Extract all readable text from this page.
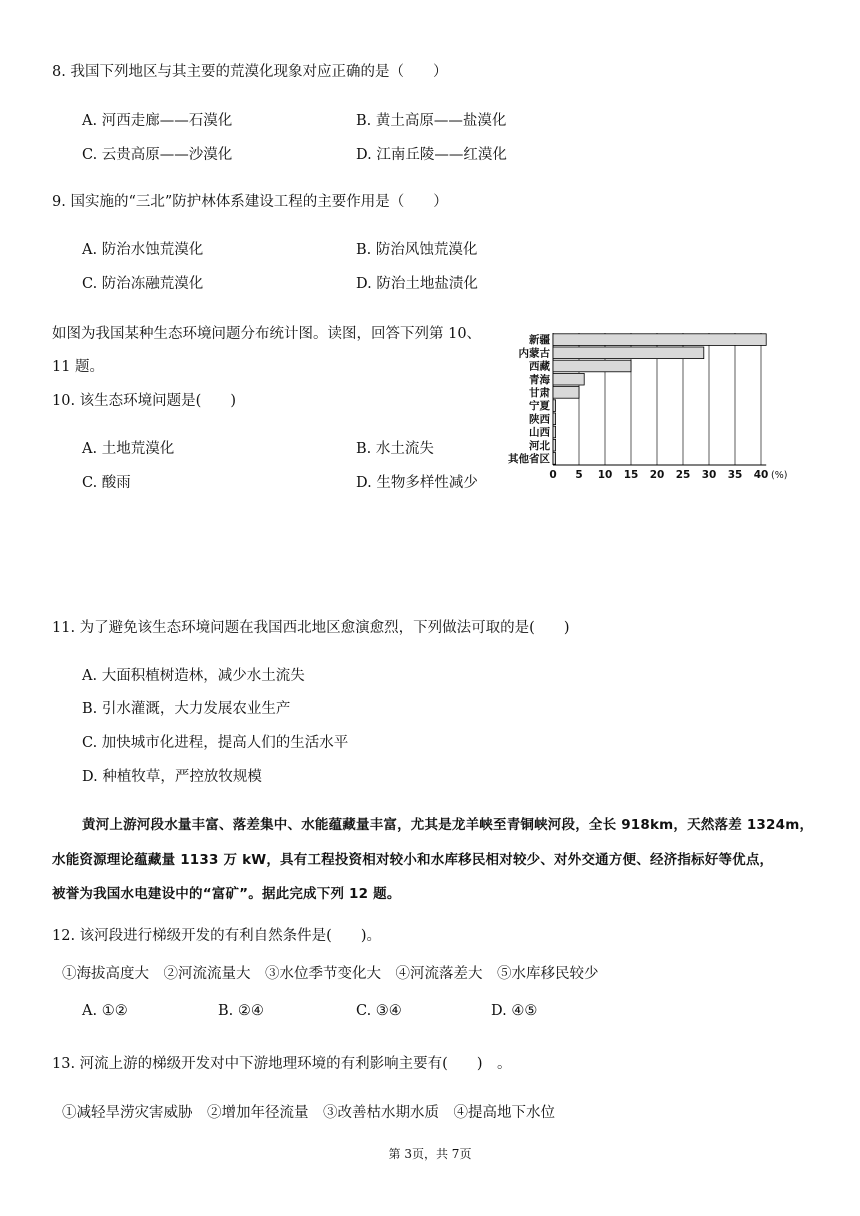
8. 我国下列地区与其主要的荒漠化现象对应正确的是（　　）
A. 河西走廊——石漠化	B. 黄土高原——盐漠化
C. 云贵高原——沙漠化	D. 江南丘陵——红漠化
9. 国实施的“三北”防护林体系建设工程的主要作用是（　　）
A. 防治水蚀荒漠化	B. 防治风蚀荒漠化
C. 防治冻融荒漠化	D. 防治土地盐渍化
如图为我国某种生态环境问题分布统计图。读图，回答下列第 10、
11 题。
10. 该生态环境问题是(　　)
A. 土地荒漠化	B. 水土流失
C. 酸雨	D. 生物多样性减少
新疆
内蒙古
西藏
青海
甘肃
宁夏
陕西
山西
河北
其他省区
0 5 10 15 20 25 30 35 40 (%)
11. 为了避免该生态环境问题在我国西北地区愈演愈烈，下列做法可取的是(　　)
A. 大面积植树造林，减少水土流失
B. 引水灌溉，大力发展农业生产
C. 加快城市化进程，提高人们的生活水平
D. 种植牧草，严控放牧规模
黄河上游河段水量丰富、落差集中、水能蕴藏量丰富，尤其是龙羊峡至青铜峡河段，全长 918km，天然落差 1324m，
水能资源理论蕴藏量 1133 万 kW，具有工程投资相对较小和水库移民相对较少、对外交通方便、经济指标好等优点，
被誉为我国水电建设中的“富矿”。据此完成下列 12 题。
12. 该河段进行梯级开发的有利自然条件是(　　)。
①海拔高度大　②河流流量大　③水位季节变化大　④河流落差大　⑤水库移民较少
A. ①②	B. ②④	C. ③④	D. ④⑤
13. 河流上游的梯级开发对中下游地理环境的有利影响主要有(　　)　。
①减轻旱涝灾害威胁　②增加年径流量　③改善枯水期水质　④提高地下水位
第 3页，共 7页
